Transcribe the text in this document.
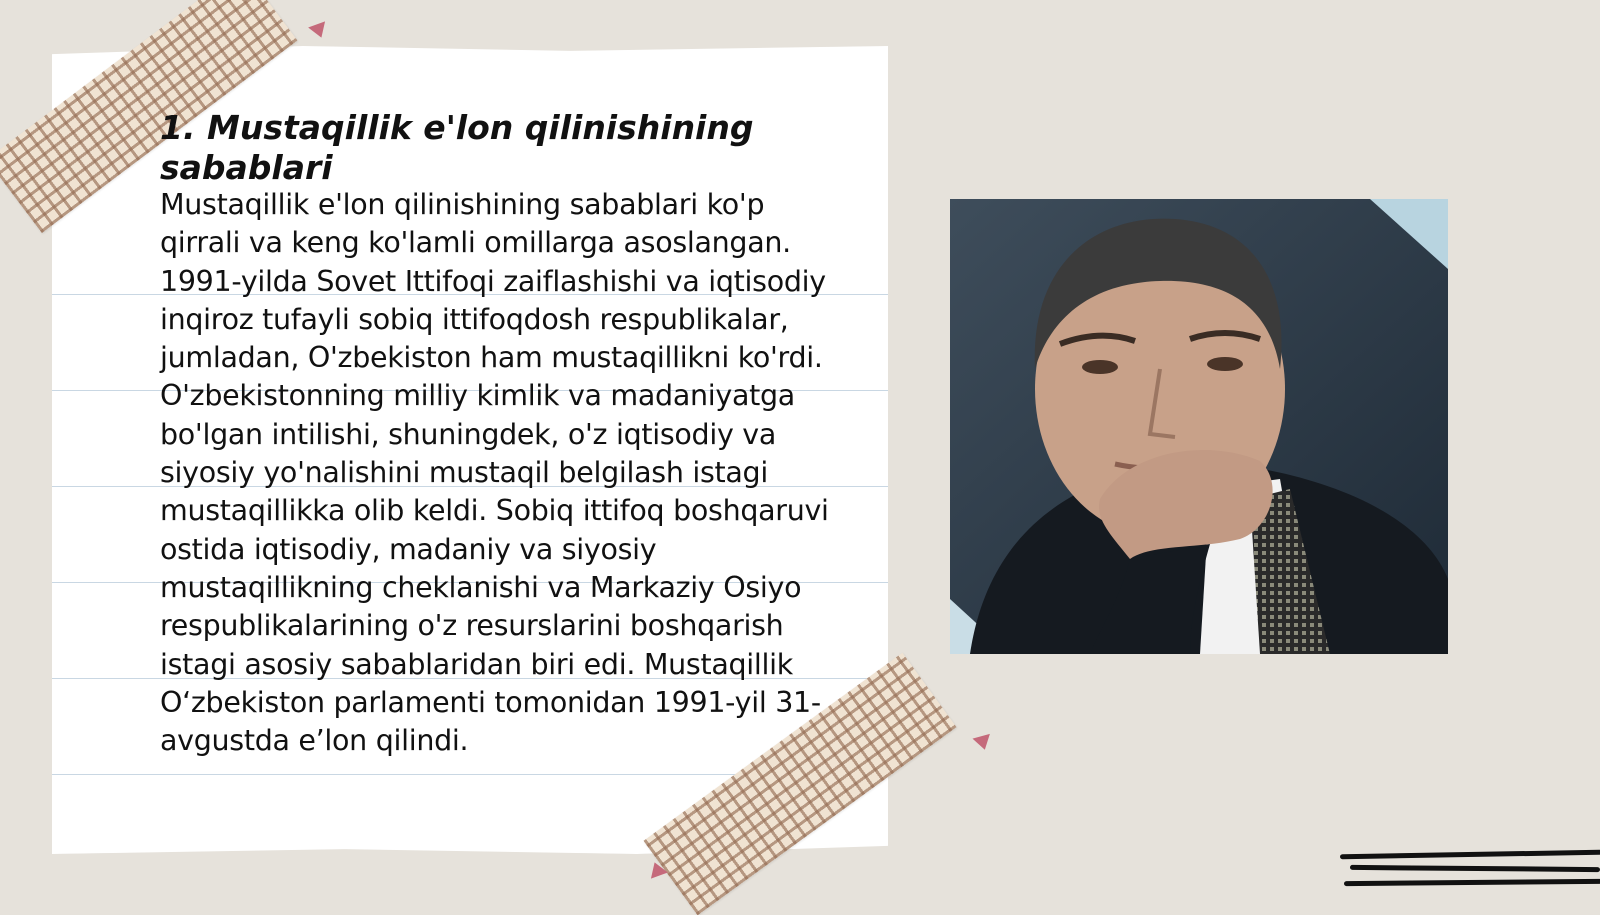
1. Mustaqillik e'lon qilinishining sabablari

Mustaqillik e'lon qilinishining sabablari ko'p qirrali va keng ko'lamli omillarga asoslangan. 1991-yilda Sovet Ittifoqi zaiflashishi va iqtisodiy inqiroz tufayli sobiq ittifoqdosh respublikalar, jumladan, O'zbekiston ham mustaqillikni ko'rdi. O'zbekistonning milliy kimlik va madaniyatga bo'lgan intilishi, shuningdek, o'z iqtisodiy va siyosiy yo'nalishini mustaqil belgilash istagi mustaqillikka olib keldi. Sobiq ittifoq boshqaruvi ostida iqtisodiy, madaniy va siyosiy mustaqillikning cheklanishi va Markaziy Osiyo respublikalarining o'z resurslarini boshqarish istagi asosiy sabablaridan biri edi. Mustaqillik O‘zbekiston parlamenti tomonidan 1991-yil 31-avgustda e’lon qilindi.
